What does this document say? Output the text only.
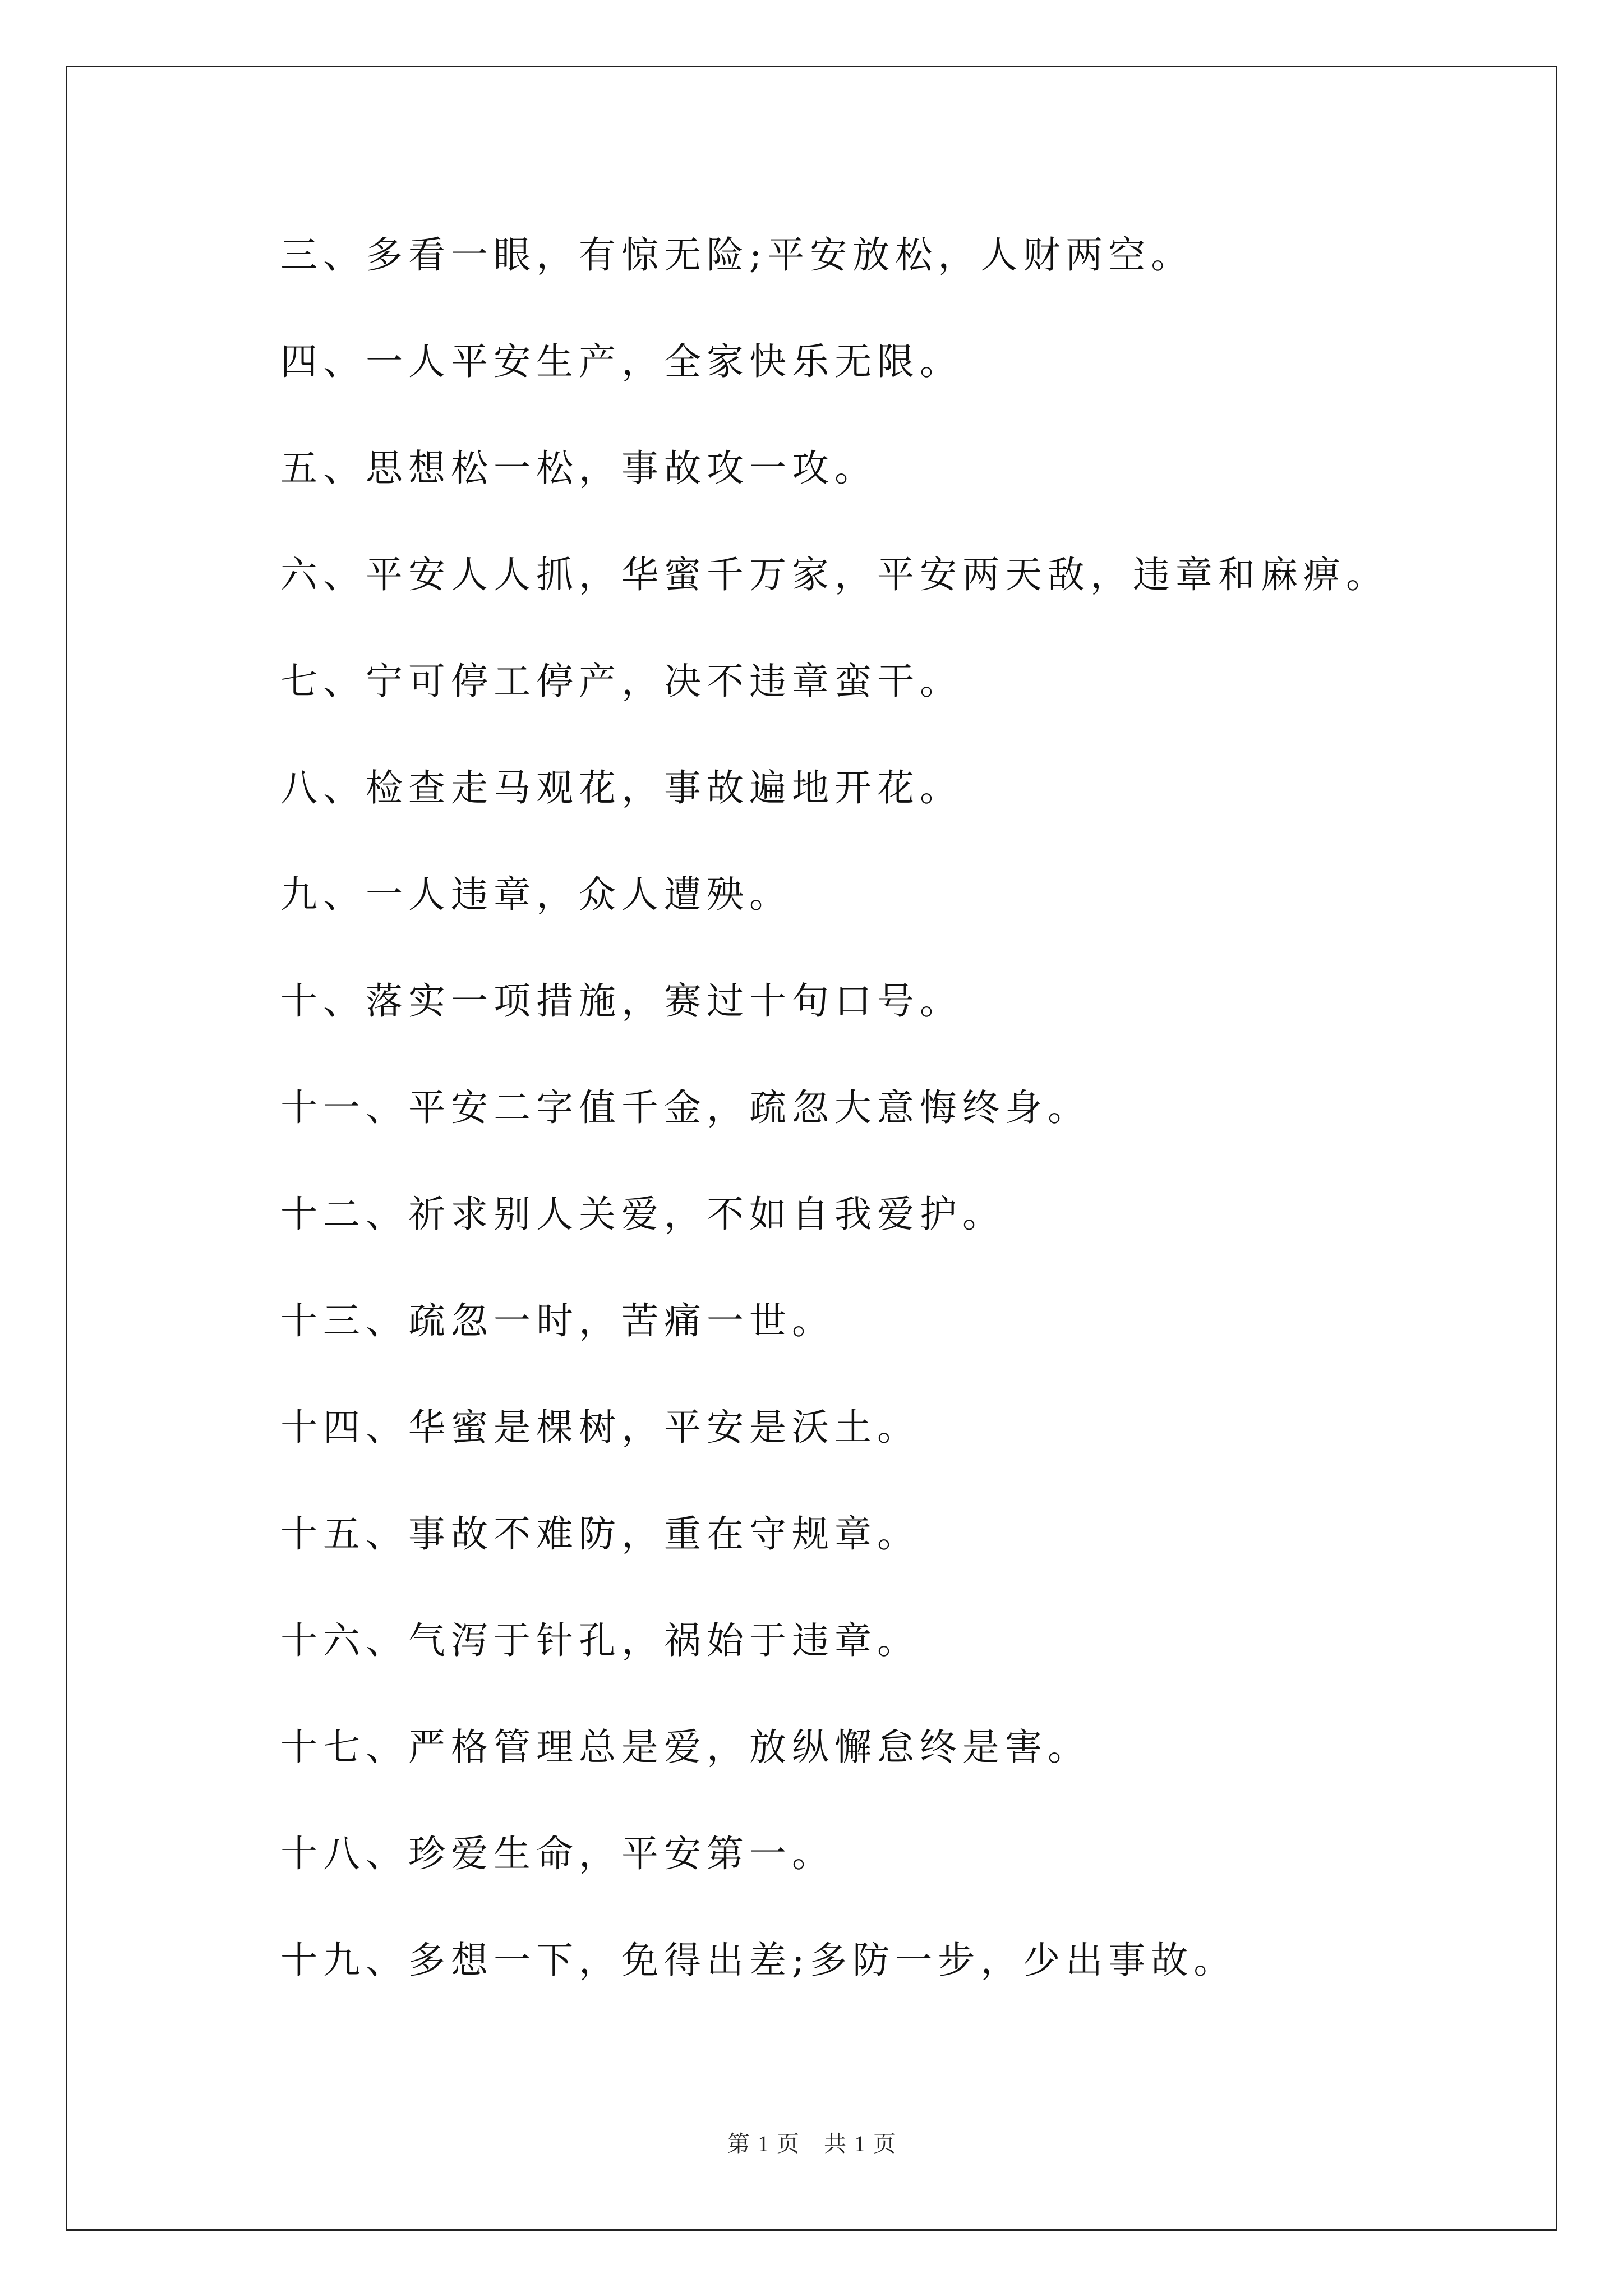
三、多看一眼，有惊无险;平安放松，人财两空。
四、一人平安生产，全家快乐无限。
五、思想松一松，事故攻一攻。
六、平安人人抓，华蜜千万家，平安两天敌，违章和麻痹。
七、宁可停工停产，决不违章蛮干。
八、检查走马观花，事故遍地开花。
九、一人违章，众人遭殃。
十、落实一项措施，赛过十句口号。
十一、平安二字值千金，疏忽大意悔终身。
十二、祈求别人关爱，不如自我爱护。
十三、疏忽一时，苦痛一世。
十四、华蜜是棵树，平安是沃土。
十五、事故不难防，重在守规章。
十六、气泻于针孔，祸始于违章。
十七、严格管理总是爱，放纵懈怠终是害。
十八、珍爱生命，平安第一。
十九、多想一下，免得出差;多防一步，少出事故。
第 1 页 共 1 页
